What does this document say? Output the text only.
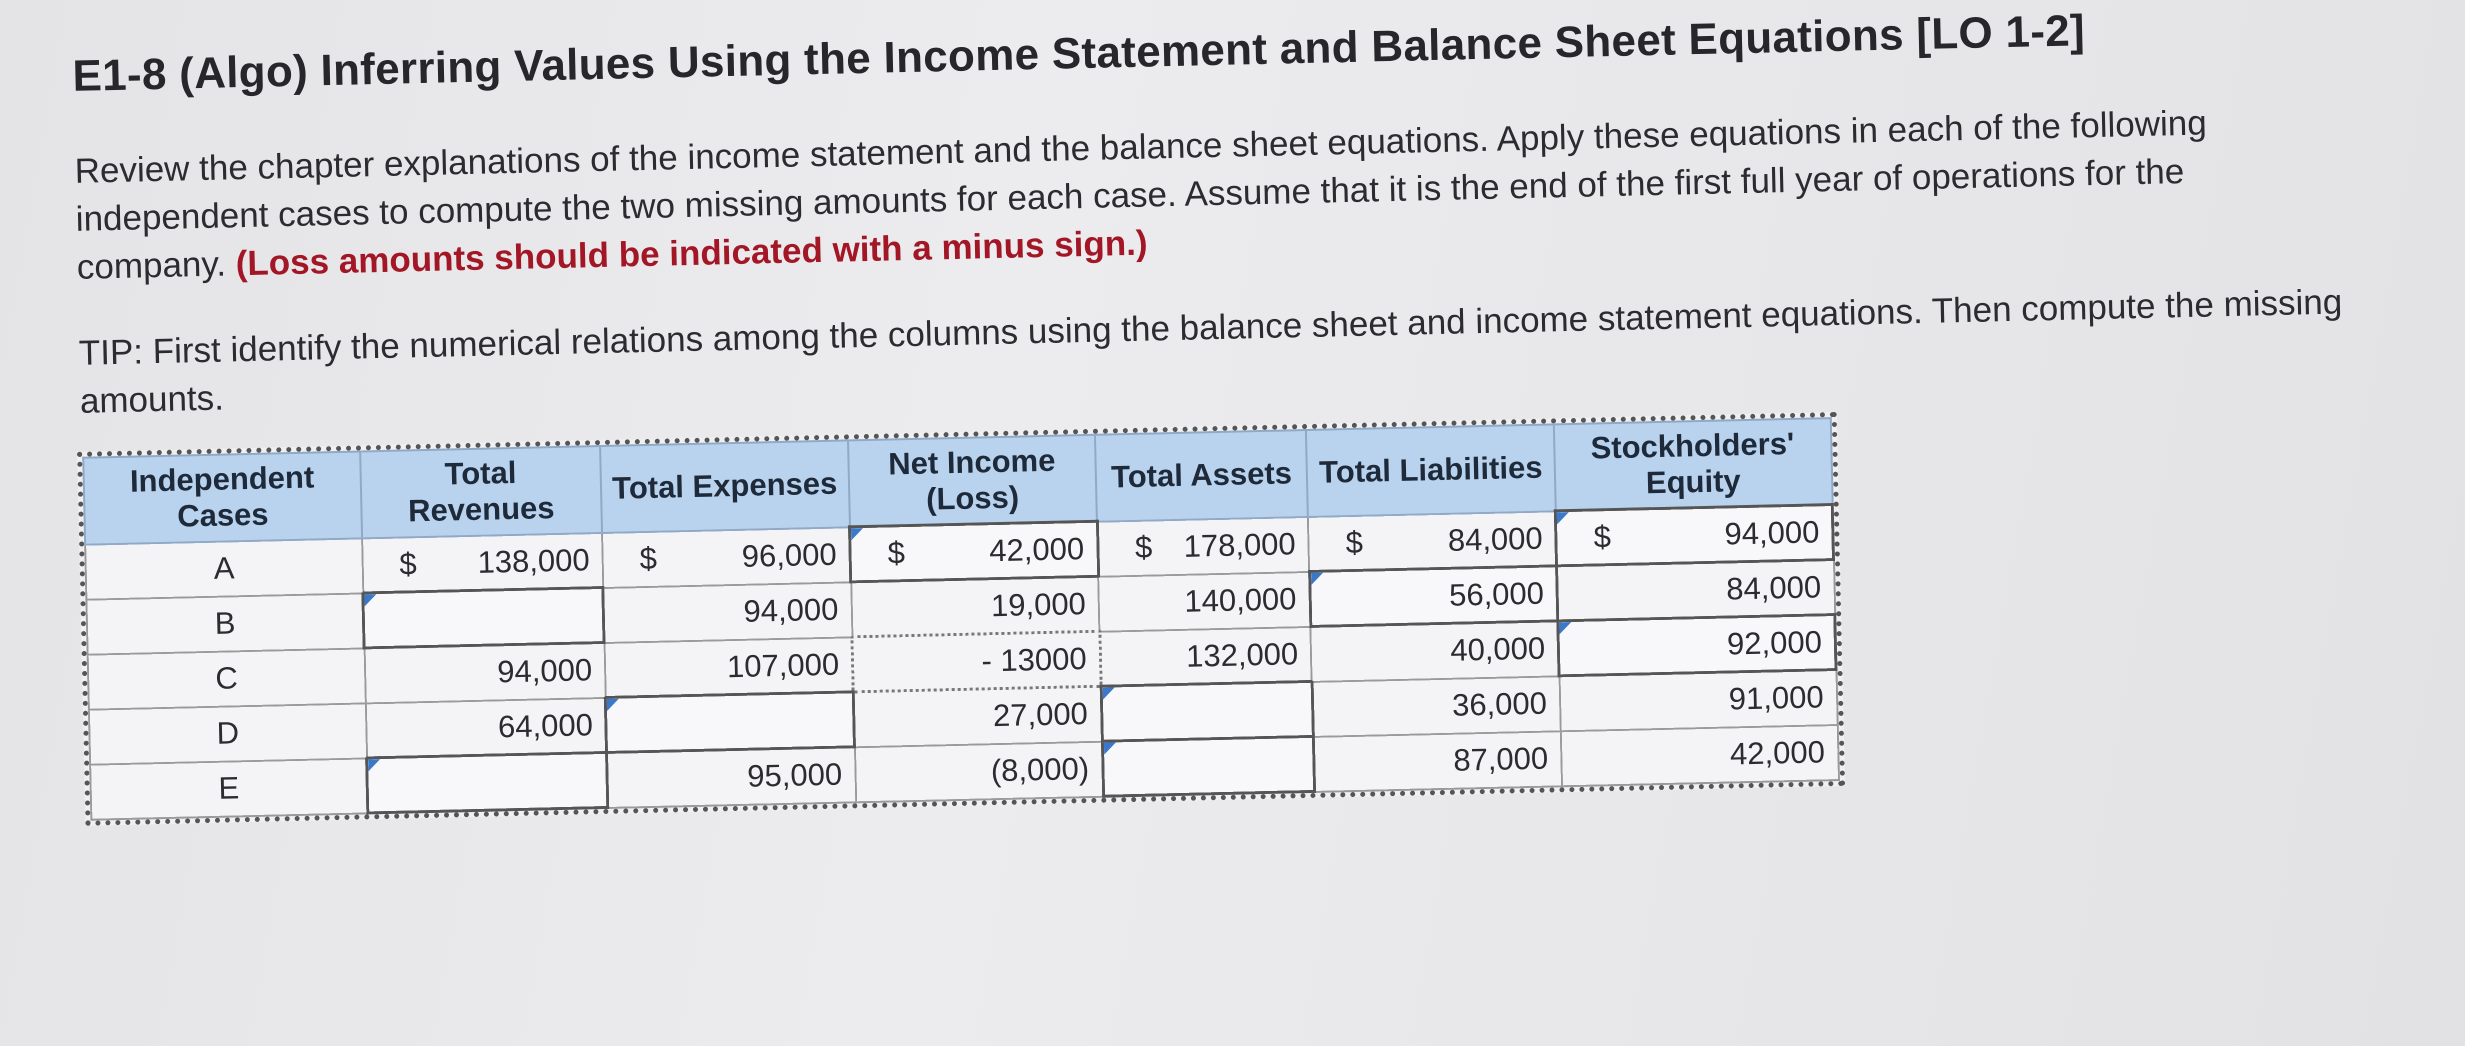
E1-8 (Algo) Inferring Values Using the Income Statement and Balance Sheet Equations [LO 1-2]

Review the chapter explanations of the income statement and the balance sheet equations. Apply these equations in each of the following independent cases to compute the two missing amounts for each case. Assume that it is the end of the first full year of operations for the company. (Loss amounts should be indicated with a minus sign.)

TIP: First identify the numerical relations among the columns using the balance sheet and income statement equations. Then compute the missing amounts.

Independent Cases	Total Revenues	Total Expenses	Net Income (Loss)	Total Assets	Total Liabilities	Stockholders' Equity
A	$ 138,000	$ 96,000	$ 42,000	$ 178,000	$ 84,000	$ 94,000

B		94,000	19,000	140,000	56,000	84,000

C	94,000	107,000	- 13000	132,000	40,000	92,000

D	64,000		27,000		36,000	91,000

E		95,000	(8,000)		87,000	42,000
